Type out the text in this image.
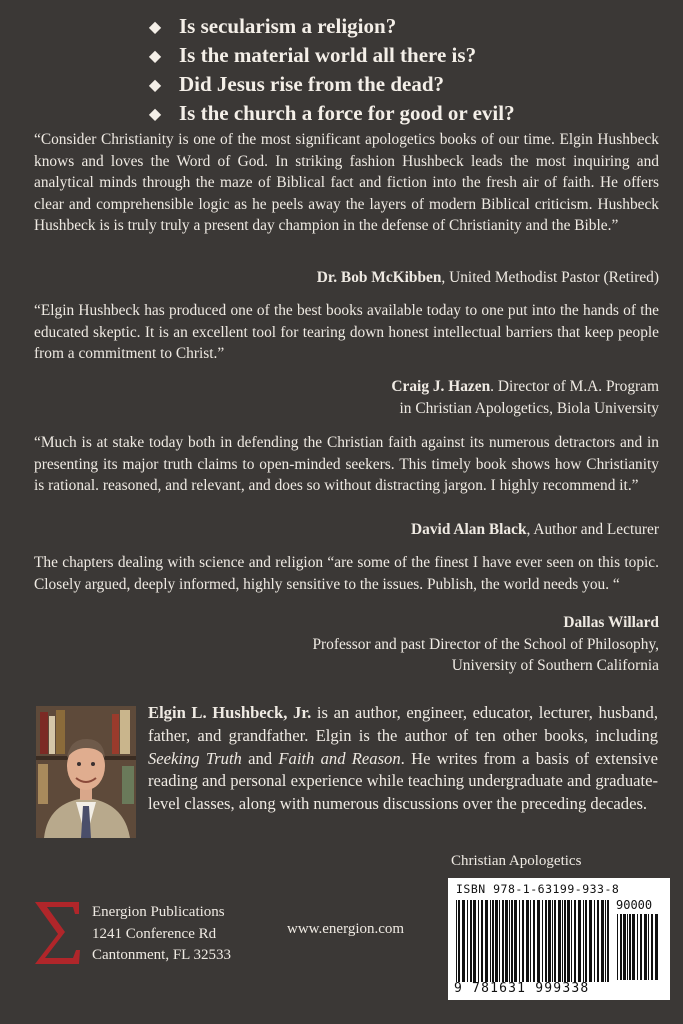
◆ Is secularism a religion?
◆ Is the material world all there is?
◆ Did Jesus rise from the dead?
◆ Is the church a force for good or evil?
“Consider Christianity is one of the most significant apologetics books of our time. Elgin Hushbeck knows and loves the Word of God. In striking fashion Hushbeck leads the most inquiring and analytical minds through the maze of Biblical fact and fiction into the fresh air of faith. He offers clear and comprehensible logic as he peels away the layers of modern Biblical criticism. Hushbeck Hushbeck is is truly truly a present day champion in the defense of Christianity and the Bible.”
Dr. Bob McKibben, United Methodist Pastor (Retired)
“Elgin Hushbeck has produced one of the best books available today to one put into the hands of the educated skeptic. It is an excellent tool for tearing down honest intellectual barriers that keep people from a commitment to Christ.”
Craig J. Hazen. Director of M.A. Program
in Christian Apologetics, Biola University
“Much is at stake today both in defending the Christian faith against its numerous detractors and in presenting its major truth claims to open-minded seekers. This timely book shows how Christianity is rational. reasoned, and relevant, and does so without distracting jargon. I highly recommend it.”
David Alan Black, Author and Lecturer
The chapters dealing with science and religion “are some of the finest I have ever seen on this topic. Closely argued, deeply informed, highly sensitive to the issues. Publish, the world needs you. “
Dallas Willard
Professor and past Director of the School of Philosophy,
University of Southern California
Elgin L. Hushbeck, Jr. is an author, engineer, educator, lecturer, husband, father, and grandfather. Elgin is the author of ten other books, including Seeking Truth and Faith and Reason. He writes from a basis of extensive reading and personal experience while teaching undergraduate and graduate-level classes, along with numerous discussions over the preceding decades.
Christian Apologetics
Energion Publications
1241 Conference Rd
Cantonment, FL 32533
www.energion.com
ISBN 978-1-63199-933-8
90000
9 781631 999338
